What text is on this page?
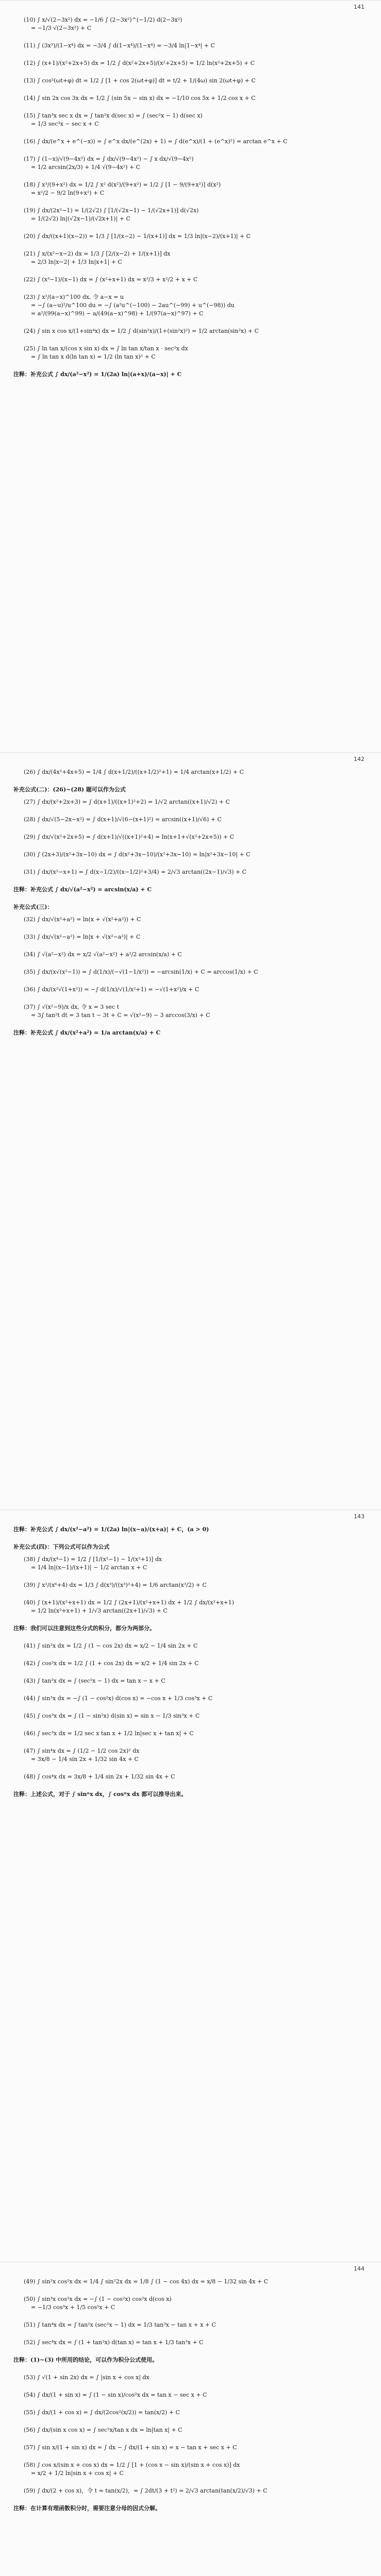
141
(10) ∫ x/√(2−3x²) dx = −1/6 ∫ (2−3x²)^(−1/2) d(2−3x²)
= −1/3 √(2−3x²) + C
(11) ∫ (3x³)/(1−x⁴) dx = −3/4 ∫ d(1−x⁴)/(1−x⁴) = −3/4 ln|1−x⁴| + C
(12) ∫ (x+1)/(x²+2x+5) dx = 1/2 ∫ d(x²+2x+5)/(x²+2x+5) = 1/2 ln(x²+2x+5) + C
(13) ∫ cos²(ωt+φ) dt = 1/2 ∫ [1 + cos 2(ωt+φ)] dt = t/2 + 1/(4ω) sin 2(ωt+φ) + C
(14) ∫ sin 2x cos 3x dx = 1/2 ∫ (sin 5x − sin x) dx = −1/10 cos 5x + 1/2 cos x + C
(15) ∫ tan³x sec x dx = ∫ tan²x d(sec x) = ∫ (sec²x − 1) d(sec x)
= 1/3 sec³x − sec x + C
(16) ∫ dx/(e^x + e^(−x)) = ∫ e^x dx/(e^(2x) + 1) = ∫ d(e^x)/(1 + (e^x)²) = arctan e^x + C
(17) ∫ (1−x)/√(9−4x²) dx = ∫ dx/√(9−4x²) − ∫ x dx/√(9−4x²)
= 1/2 arcsin(2x/3) + 1/4 √(9−4x²) + C
(18) ∫ x³/(9+x²) dx = 1/2 ∫ x² d(x²)/(9+x²) = 1/2 ∫ [1 − 9/(9+x²)] d(x²)
= x²/2 − 9/2 ln(9+x²) + C
(19) ∫ dx/(2x²−1) = 1/(2√2) ∫ [1/(√2x−1) − 1/(√2x+1)] d(√2x)
= 1/(2√2) ln|(√2x−1)/(√2x+1)| + C
(20) ∫ dx/((x+1)(x−2)) = 1/3 ∫ [1/(x−2) − 1/(x+1)] dx = 1/3 ln|(x−2)/(x+1)| + C
(21) ∫ x/(x²−x−2) dx = 1/3 ∫ [2/(x−2) + 1/(x+1)] dx
= 2/3 ln|x−2| + 1/3 ln|x+1| + C
(22) ∫ (x³−1)/(x−1) dx = ∫ (x²+x+1) dx = x³/3 + x²/2 + x + C
(23) ∫ x²/(a−x)^100 dx, 令 a−x = u
= −∫ (a−u)²/u^100 du = −∫ (a²u^(−100) − 2au^(−99) + u^(−98)) du
= a²/(99(a−x)^99) − a/(49(a−x)^98) + 1/(97(a−x)^97) + C
(24) ∫ sin x cos x/(1+sin⁴x) dx = 1/2 ∫ d(sin²x)/(1+(sin²x)²) = 1/2 arctan(sin²x) + C
(25) ∫ ln tan x/(cos x sin x) dx = ∫ ln tan x/tan x · sec²x dx
= ∫ ln tan x d(ln tan x) = 1/2 (ln tan x)² + C
注释：补充公式 ∫ dx/(a²−x²) = 1/(2a) ln|(a+x)/(a−x)| + C
142
(26) ∫ dx/(4x²+4x+5) = 1/4 ∫ d(x+1/2)/((x+1/2)²+1) = 1/4 arctan(x+1/2) + C
补充公式(二)：(26)~(28) 题可以作为公式
(27) ∫ dx/(x²+2x+3) = ∫ d(x+1)/((x+1)²+2) = 1/√2 arctan((x+1)/√2) + C
(28) ∫ dx/√(5−2x−x²) = ∫ d(x+1)/√(6−(x+1)²) = arcsin((x+1)/√6) + C
(29) ∫ dx/√(x²+2x+5) = ∫ d(x+1)/√((x+1)²+4) = ln(x+1+√(x²+2x+5)) + C
(30) ∫ (2x+3)/(x²+3x−10) dx = ∫ d(x²+3x−10)/(x²+3x−10) = ln|x²+3x−10| + C
(31) ∫ dx/(x²−x+1) = ∫ d(x−1/2)/((x−1/2)²+3/4) = 2/√3 arctan((2x−1)/√3) + C
注释：补充公式 ∫ dx/√(a²−x²) = arcsin(x/a) + C
补充公式(三)：
(32) ∫ dx/√(x²+a²) = ln(x + √(x²+a²)) + C
(33) ∫ dx/√(x²−a²) = ln|x + √(x²−a²)| + C
(34) ∫ √(a²−x²) dx = x/2 √(a²−x²) + a²/2 arcsin(x/a) + C
(35) ∫ dx/(x√(x²−1)) = ∫ d(1/x)/(−√(1−1/x²)) = −arcsin(1/x) + C = arccos(1/x) + C
(36) ∫ dx/(x²√(1+x²)) = −∫ d(1/x)/√(1/x²+1) = −√(1+x²)/x + C
(37) ∫ √(x²−9)/x dx, 令 x = 3 sec t
= 3∫ tan²t dt = 3 tan t − 3t + C = √(x²−9) − 3 arccos(3/x) + C
注释：补充公式 ∫ dx/(x²+a²) = 1/a arctan(x/a) + C
143
注释：补充公式 ∫ dx/(x²−a²) = 1/(2a) ln|(x−a)/(x+a)| + C，(a > 0)
补充公式(四)：下列公式可以作为公式
(38) ∫ dx/(x⁴−1) = 1/2 ∫ [1/(x²−1) − 1/(x²+1)] dx
= 1/4 ln|(x−1)/(x+1)| − 1/2 arctan x + C
(39) ∫ x²/(x⁶+4) dx = 1/3 ∫ d(x³)/((x³)²+4) = 1/6 arctan(x³/2) + C
(40) ∫ (x+1)/(x²+x+1) dx = 1/2 ∫ (2x+1)/(x²+x+1) dx + 1/2 ∫ dx/(x²+x+1)
= 1/2 ln(x²+x+1) + 1/√3 arctan((2x+1)/√3) + C
注释：我们可以注意到这些分式的积分，都分为两部分。
(41) ∫ sin²x dx = 1/2 ∫ (1 − cos 2x) dx = x/2 − 1/4 sin 2x + C
(42) ∫ cos²x dx = 1/2 ∫ (1 + cos 2x) dx = x/2 + 1/4 sin 2x + C
(43) ∫ tan²x dx = ∫ (sec²x − 1) dx = tan x − x + C
(44) ∫ sin³x dx = −∫ (1 − cos²x) d(cos x) = −cos x + 1/3 cos³x + C
(45) ∫ cos³x dx = ∫ (1 − sin²x) d(sin x) = sin x − 1/3 sin³x + C
(46) ∫ sec³x dx = 1/2 sec x tan x + 1/2 ln|sec x + tan x| + C
(47) ∫ sin⁴x dx = ∫ (1/2 − 1/2 cos 2x)² dx
= 3x/8 − 1/4 sin 2x + 1/32 sin 4x + C
(48) ∫ cos⁴x dx = 3x/8 + 1/4 sin 2x + 1/32 sin 4x + C
注释：上述公式，对于 ∫ sinⁿx dx，∫ cosⁿx dx 都可以推导出来。
144
(49) ∫ sin²x cos²x dx = 1/4 ∫ sin²2x dx = 1/8 ∫ (1 − cos 4x) dx = x/8 − 1/32 sin 4x + C
(50) ∫ sin³x cos²x dx = −∫ (1 − cos²x) cos²x d(cos x)
= −1/3 cos³x + 1/5 cos⁵x + C
(51) ∫ tan⁴x dx = ∫ tan²x (sec²x − 1) dx = 1/3 tan³x − tan x + x + C
(52) ∫ sec⁴x dx = ∫ (1 + tan²x) d(tan x) = tan x + 1/3 tan³x + C
注释：(1)~(3) 中所用的结论，可以作为积分公式使用。
(53) ∫ √(1 + sin 2x) dx = ∫ |sin x + cos x| dx
(54) ∫ dx/(1 + sin x) = ∫ (1 − sin x)/cos²x dx = tan x − sec x + C
(55) ∫ dx/(1 + cos x) = ∫ dx/(2cos²(x/2)) = tan(x/2) + C
(56) ∫ dx/(sin x cos x) = ∫ sec²x/tan x dx = ln|tan x| + C
(57) ∫ sin x/(1 + sin x) dx = ∫ dx − ∫ dx/(1 + sin x) = x − tan x + sec x + C
(58) ∫ cos x/(sin x + cos x) dx = 1/2 ∫ [1 + (cos x − sin x)/(sin x + cos x)] dx
= x/2 + 1/2 ln|sin x + cos x| + C
(59) ∫ dx/(2 + cos x)，令 t = tan(x/2)，= ∫ 2dt/(3 + t²) = 2/√3 arctan(tan(x/2)/√3) + C
注释：在计算有理函数积分时，需要注意分母的因式分解。
